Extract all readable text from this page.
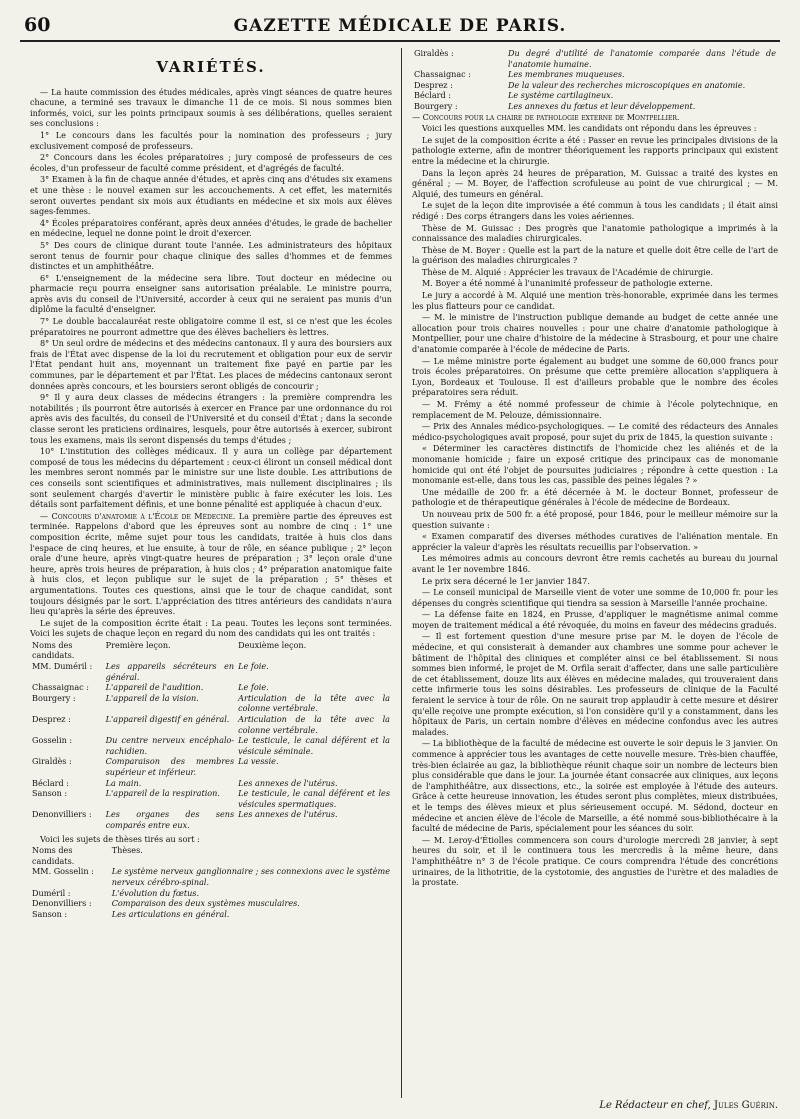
60	GAZETTE MÉDICALE DE PARIS.
VARIÉTÉS.

— La haute commission des études médicales, après vingt séances de quatre heures chacune, a terminé ses travaux le dimanche 11 de ce mois. Si nous sommes bien informés, voici, sur les points principaux soumis à ses délibérations, quelles seraient ses conclusions :

1° Le concours dans les facultés pour la nomination des professeurs ; jury exclusivement composé de professeurs.

2° Concours dans les écoles préparatoires ; jury composé de professeurs de ces écoles, d'un professeur de faculté comme président, et d'agrégés de faculté.

3° Examen à la fin de chaque année d'études, et après cinq ans d'études six examens et une thèse : le nouvel examen sur les accouchements. A cet effet, les maternités seront ouvertes pendant six mois aux étudiants en médecine et six mois aux élèves sages-femmes.

4° Écoles préparatoires conférant, après deux années d'études, le grade de bachelier en médecine, lequel ne donne point le droit d'exercer.

5° Des cours de clinique durant toute l'année. Les administrateurs des hôpitaux seront tenus de fournir pour chaque clinique des salles d'hommes et de femmes distinctes et un amphithéâtre.

6° L'enseignement de la médecine sera libre. Tout docteur en médecine ou pharmacie reçu pourra enseigner sans autorisation préalable. Le ministre pourra, après avis du conseil de l'Université, accorder à ceux qui ne seraient pas munis d'un diplôme la faculté d'enseigner.

7° Le double baccalauréat reste obligatoire comme il est, si ce n'est que les écoles préparatoires ne pourront admettre que des élèves bacheliers ès lettres.

8° Un seul ordre de médecins et des médecins cantonaux. Il y aura des boursiers aux frais de l'État avec dispense de la loi du recrutement et obligation pour eux de servir l'État pendant huit ans, moyennant un traitement fixe payé en partie par les communes, par le département et par l'État. Les places de médecins cantonaux seront données après concours, et les boursiers seront obligés de concourir ;

9° Il y aura deux classes de médecins étrangers : la première comprendra les notabilités ; ils pourront être autorisés à exercer en France par une ordonnance du roi après avis des facultés, du conseil de l'Université et du conseil d'État ; dans la seconde classe seront les praticiens ordinaires, lesquels, pour être autorisés à exercer, subiront tous les examens, mais ils seront dispensés du temps d'études ;

10° L'institution des collèges médicaux. Il y aura un collège par département composé de tous les médecins du département : ceux-ci éliront un conseil médical dont les membres seront nommés par le ministre sur une liste double. Les attributions de ces conseils sont scientifiques et administratives, mais nullement disciplinaires ; ils sont seulement chargés d'avertir le ministère public à faire exécuter les lois. Les détails sont parfaitement définis, et une bonne pénalité est appliquée à chacun d'eux.

— Concours d'anatomie à l'École de Médecine. La première partie des épreuves est terminée. Rappelons d'abord que les épreuves sont au nombre de cinq : 1° une composition écrite, même sujet pour tous les candidats, traitée à huis clos dans l'espace de cinq heures, et lue ensuite, à tour de rôle, en séance publique ; 2° leçon orale d'une heure, après vingt-quatre heures de préparation ; 3° leçon orale d'une heure, après trois heures de préparation, à huis clos ; 4° préparation anatomique faite à huis clos, et leçon publique sur le sujet de la préparation ; 5° thèses et argumentations. Toutes ces questions, ainsi que le tour de chaque candidat, sont toujours désignés par le sort. L'appréciation des titres antérieurs des candidats n'aura lieu qu'après la série des épreuves.

Le sujet de la composition écrite était : La peau. Toutes les leçons sont terminées. Voici les sujets de chaque leçon en regard du nom des candidats qui les ont traités :

Noms des candidats.	Première leçon.	Deuxième leçon.
MM. Duméril :	Les appareils sécréteurs en général.	Le foie.
Chassaignac :	L'appareil de l'audition.	Le foie.
Bourgery :	L'appareil de la vision.	Articulation de la tête avec la colonne vertébrale.
Desprez :	L'appareil digestif en général.	Articulation de la tête avec la colonne vertébrale.
Gosselin :	Du centre nerveux encéphalo-rachidien.	Le testicule, le canal déférent et la vésicule séminale.
Giraldès :	Comparaison des membres supérieur et inférieur.	La vessie.
Béclard :	La main.	Les annexes de l'utérus.
Sanson :	L'appareil de la respiration.	Le testicule, le canal déférent et les vésicules spermatiques.
Denonvilliers :	Les organes des sens comparés entre eux.	Les annexes de l'utérus.

Voici les sujets de thèses tirés au sort :

Noms des candidats.	Thèses.
MM. Gosselin :	Le système nerveux ganglionnaire ; ses connexions avec le système nerveux cérébro-spinal.
Duméril :	L'évolution du fœtus.
Denonvilliers :	Comparaison des deux systèmes musculaires.
Sanson :	Les articulations en général.
Giraldès :	Du degré d'utilité de l'anatomie comparée dans l'étude de l'anatomie humaine.
Chassaignac :	Les membranes muqueuses.
Desprez :	De la valeur des recherches microscopiques en anatomie.
Béclard :	Le système cartilagineux.
Bourgery :	Les annexes du fœtus et leur développement.

— Concours pour la chaire de pathologie externe de Montpellier.

Voici les questions auxquelles MM. les candidats ont répondu dans les épreuves :

Le sujet de la composition écrite a été : Passer en revue les principales divisions de la pathologie externe, afin de montrer théoriquement les rapports principaux qui existent entre la médecine et la chirurgie.

Dans la leçon après 24 heures de préparation, M. Guissac a traité des kystes en général ; — M. Boyer, de l'affection scrofuleuse au point de vue chirurgical ; — M. Alquié, des tumeurs en général.

Le sujet de la leçon dite improvisée a été commun à tous les candidats ; il était ainsi rédigé : Des corps étrangers dans les voies aériennes.

Thèse de M. Guissac : Des progrès que l'anatomie pathologique a imprimés à la connaissance des maladies chirurgicales.

Thèse de M. Boyer : Quelle est la part de la nature et quelle doit être celle de l'art de la guérison des maladies chirurgicales ?

Thèse de M. Alquié : Apprécier les travaux de l'Académie de chirurgie.

M. Boyer a été nommé à l'unanimité professeur de pathologie externe.

Le jury a accordé à M. Alquié une mention très-honorable, exprimée dans les termes les plus flatteurs pour ce candidat.

— M. le ministre de l'instruction publique demande au budget de cette année une allocation pour trois chaires nouvelles : pour une chaire d'anatomie pathologique à Montpellier, pour une chaire d'histoire de la médecine à Strasbourg, et pour une chaire d'anatomie comparée à l'école de médecine de Paris.

— Le même ministre porte également au budget une somme de 60,000 francs pour trois écoles préparatoires. On présume que cette première allocation s'appliquera à Lyon, Bordeaux et Toulouse. Il est d'ailleurs probable que le nombre des écoles préparatoires sera réduit.

— M. Frémy a été nommé professeur de chimie à l'école polytechnique, en remplacement de M. Pelouze, démissionnaire.

— Prix des Annales médico-psychologiques. — Le comité des rédacteurs des Annales médico-psychologiques avait proposé, pour sujet du prix de 1845, la question suivante :

« Déterminer les caractères distinctifs de l'homicide chez les aliénés et de la monomanie homicide ; faire un exposé critique des principaux cas de monomanie homicide qui ont été l'objet de poursuites judiciaires ; répondre à cette question : La monomanie est-elle, dans tous les cas, passible des peines légales ? »

Une médaille de 200 fr. a été décernée à M. le docteur Bonnet, professeur de pathologie et de thérapeutique générales à l'école de médecine de Bordeaux.

Un nouveau prix de 500 fr. a été proposé, pour 1846, pour le meilleur mémoire sur la question suivante :

« Examen comparatif des diverses méthodes curatives de l'aliénation mentale. En apprécier la valeur d'après les résultats recueillis par l'observation. »

Les mémoires admis au concours devront être remis cachetés au bureau du journal avant le 1er novembre 1846.

Le prix sera décerné le 1er janvier 1847.

— Le conseil municipal de Marseille vient de voter une somme de 10,000 fr. pour les dépenses du congrès scientifique qui tiendra sa session à Marseille l'année prochaine.

— La défense faite en 1824, en Prusse, d'appliquer le magnétisme animal comme moyen de traitement médical a été révoquée, du moins en faveur des médecins gradués.

— Il est fortement question d'une mesure prise par M. le doyen de l'école de médecine, et qui consisterait à demander aux chambres une somme pour achever le bâtiment de l'hôpital des cliniques et compléter ainsi ce bel établissement. Si nous sommes bien informé, le projet de M. Orfila serait d'affecter, dans une salle particulière de cet établissement, douze lits aux élèves en médecine malades, qui trouveraient dans cette infirmerie tous les soins désirables. Les professeurs de clinique de la Faculté feraient le service à tour de rôle. On ne saurait trop applaudir à cette mesure et désirer qu'elle reçoive une prompte exécution, si l'on considère qu'il y a constamment, dans les hôpitaux de Paris, un certain nombre d'élèves en médecine confondus avec les autres malades.

— La bibliothèque de la faculté de médecine est ouverte le soir depuis le 3 janvier. On commence à apprécier tous les avantages de cette nouvelle mesure. Très-bien chauffée, très-bien éclairée au gaz, la bibliothèque réunit chaque soir un nombre de lecteurs bien plus considérable que dans le jour. La journée étant consacrée aux cliniques, aux leçons de l'amphithéâtre, aux dissections, etc., la soirée est employée à l'étude des auteurs. Grâce à cette heureuse innovation, les études seront plus complètes, mieux distribuées, et le temps des élèves mieux et plus sérieusement occupé. M. Sédond, docteur en médecine et ancien élève de l'école de Marseille, a été nommé sous-bibliothécaire à la faculté de médecine de Paris, spécialement pour les séances du soir.

— M. Leroy-d'Étiolles commencera son cours d'urologie mercredi 28 janvier, à sept heures du soir, et il le continuera tous les mercredis à la même heure, dans l'amphithéâtre n° 3 de l'école pratique. Ce cours comprendra l'étude des concrétions urinaires, de la lithotritie, de la cystotomie, des angusties de l'urètre et des maladies de la prostate.

Le Rédacteur en chef, Jules Guérin.
